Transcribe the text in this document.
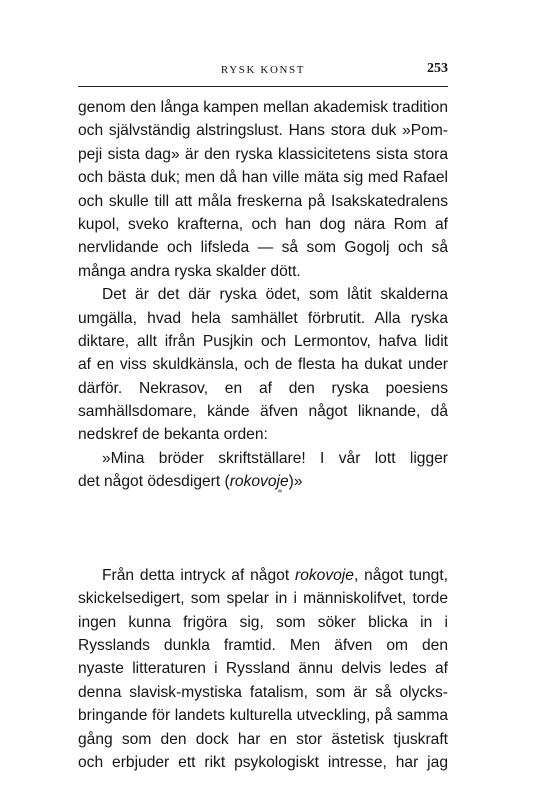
RYSK KONST	253
genom den långa kampen mellan akademisk tradition
och självständig alstringslust. Hans stora duk »Pom-
peji sista dag» är den ryska klassicitetens sista stora
och bästa duk; men då han ville mäta sig med Rafael
och skulle till att måla freskerna på Isakskatedralens
kupol, sveko krafterna, och han dog nära Rom af
nervlidande och lifsleda — så som Gogolj och så
många andra ryska skalder dött.
Det är det där ryska ödet, som låtit skalderna
umgälla, hvad hela samhället förbrutit. Alla ryska
diktare, allt ifrån Pusjkin och Lermontov, hafva lidit
af en viss skuldkänsla, och de flesta ha dukat under
därför. Nekrasov, en af den ryska poesiens
samhällsdomare, kände äfven något liknande, då
nedskref de bekanta orden:
»Mina bröder skriftställare! I vår lott ligger
det något ödesdigert (rokovoje)»
Från detta intryck af något rokovoje, något tungt,
skickelsedigert, som spelar in i människolifvet, torde
ingen kunna frigöra sig, som söker blicka in i
Rysslands dunkla framtid. Men äfven om den
nyaste litteraturen i Ryssland ännu delvis ledes af
denna slavisk-mystiska fatalism, som är så olycks-
bringande för landets kulturella utveckling, på samma
gång som den dock har en stor ästetisk tjuskraft
och erbjuder ett rikt psykologiskt intresse, har jag
*
